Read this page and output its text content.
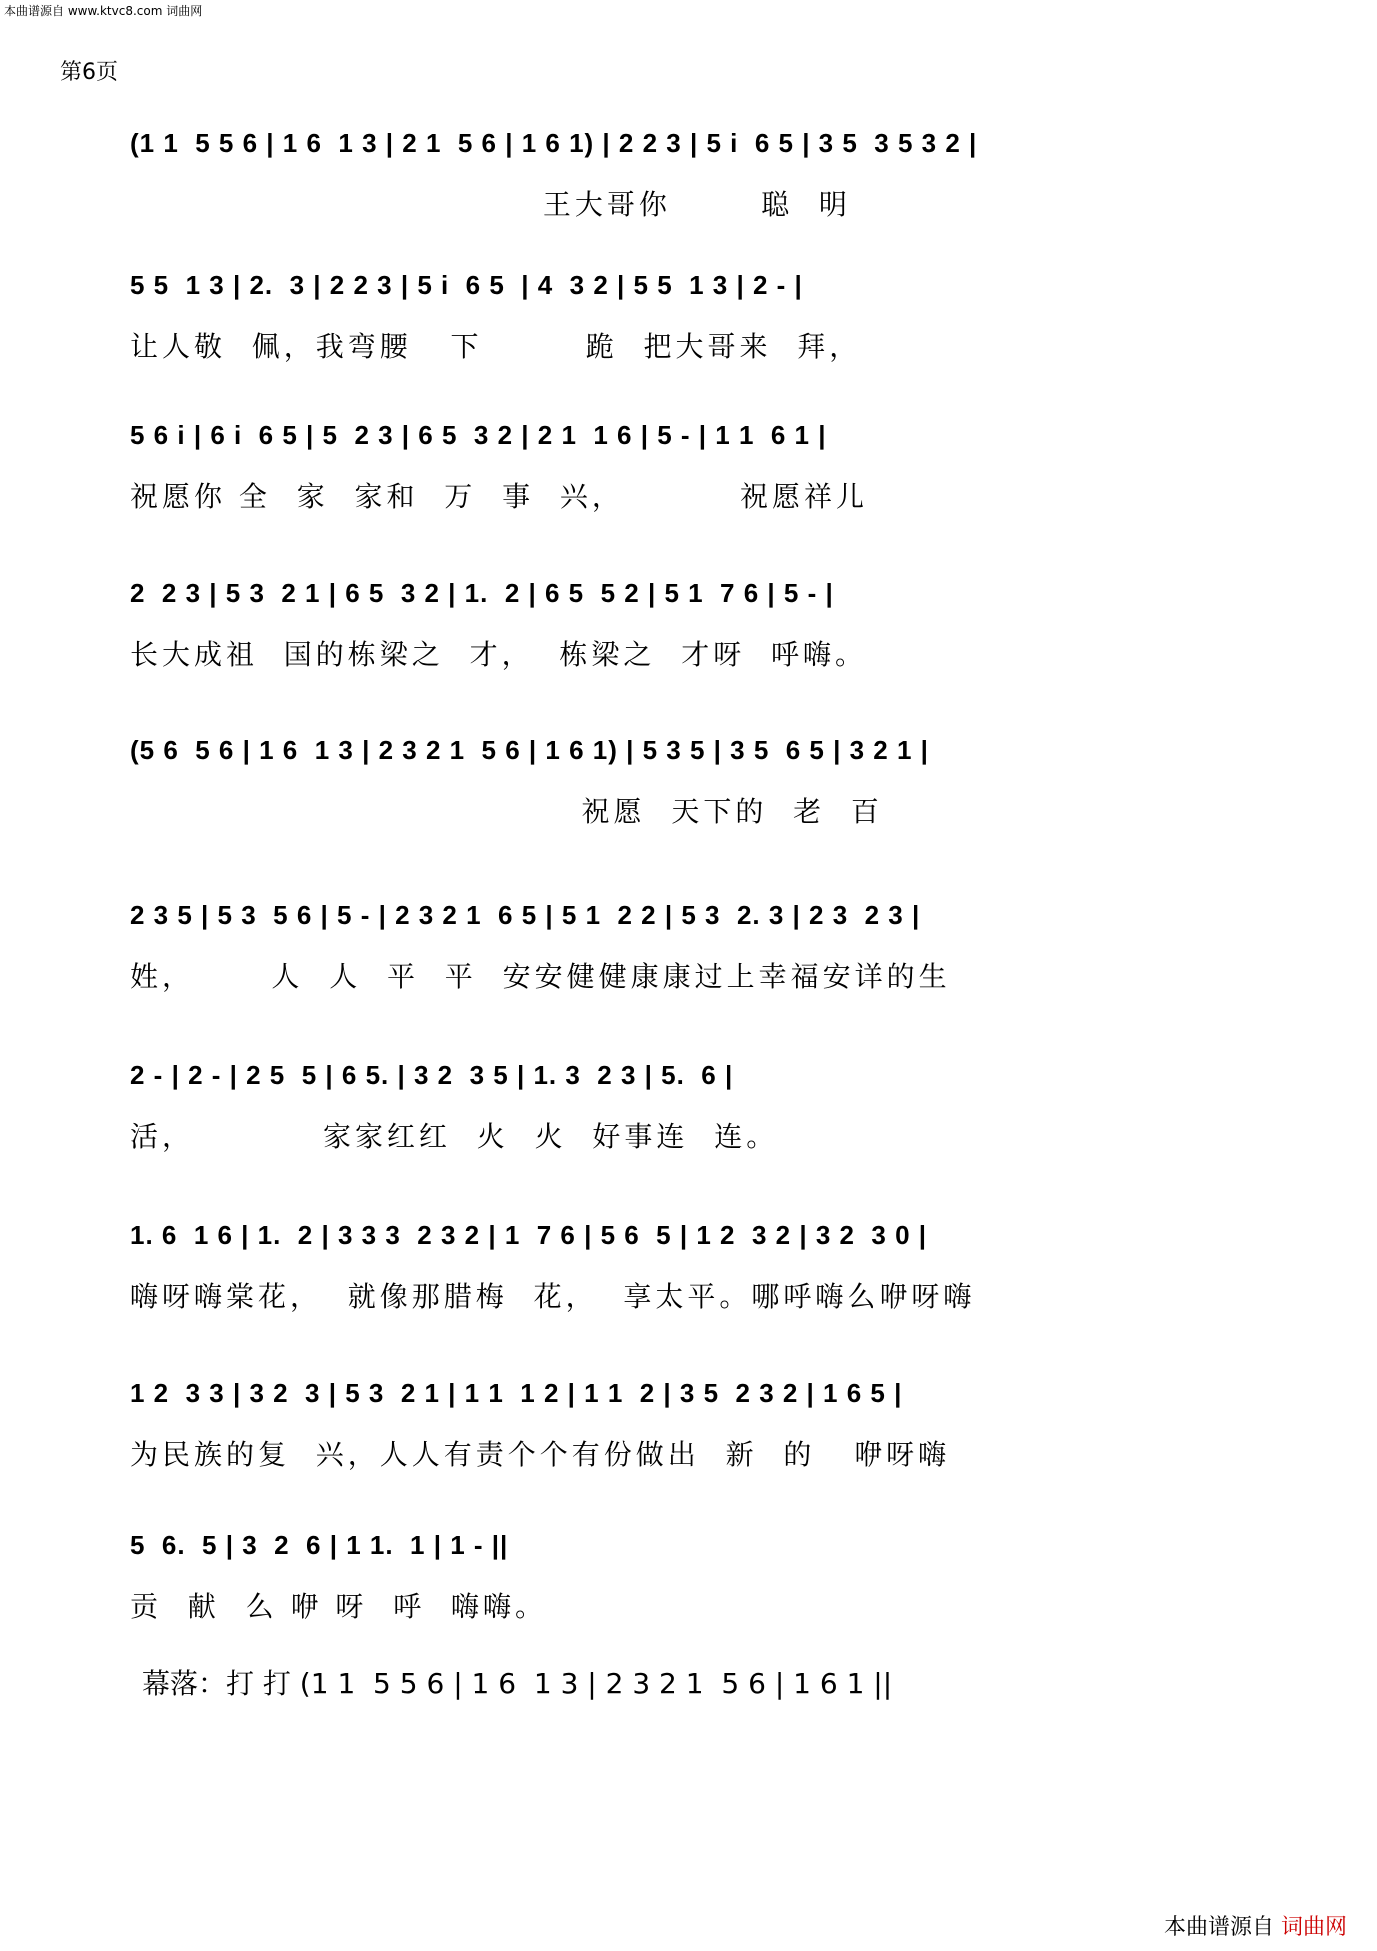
本曲谱源自 www.ktvc8.com 词曲网
第6页
(1 1  5 5 6 | 1 6  1 3 | 2 1  5 6 | 1 6 1) | 2 2 3 | 5 i  6 5 | 3 5  3 5 3 2 |
王大哥你       聪  明
5 5  1 3 | 2.  3 | 2 2 3 | 5 i  6 5  | 4  3 2 | 5 5  1 3 | 2 - |
让人敬  佩，我弯腰   下        跪  把大哥来  拜，
5 6 i | 6 i  6 5 | 5  2 3 | 6 5  3 2 | 2 1  1 6 | 5 - | 1 1  6 1 |
祝愿你 全  家  家和  万  事  兴，         祝愿祥儿
2  2 3 | 5 3  2 1 | 6 5  3 2 | 1.  2 | 6 5  5 2 | 5 1  7 6 | 5 - |
长大成祖  国的栋梁之  才，  栋梁之  才呀  呼嗨。
(5 6  5 6 | 1 6  1 3 | 2 3 2 1  5 6 | 1 6 1) | 5 3 5 | 3 5  6 5 | 3 2 1 |
祝愿  天下的  老  百
2 3 5 | 5 3  5 6 | 5 - | 2 3 2 1  6 5 | 5 1  2 2 | 5 3  2. 3 | 2 3  2 3 |
姓，      人  人  平  平  安安健健康康过上幸福安详的生
2 - | 2 - | 2 5  5 | 6 5. | 3 2  3 5 | 1. 3  2 3 | 5.  6 |
活，          家家红红  火  火  好事连  连。
1. 6  1 6 | 1.  2 | 3 3 3  2 3 2 | 1  7 6 | 5 6  5 | 1 2  3 2 | 3 2  3 0 |
嗨呀嗨棠花，  就像那腊梅  花，  享太平。哪呼嗨么咿呀嗨
1 2  3 3 | 3 2  3 | 5 3  2 1 | 1 1  1 2 | 1 1  2 | 3 5  2 3 2 | 1 6 5 |
为民族的复  兴，人人有责个个有份做出  新  的   咿呀嗨
5  6.  5 | 3  2  6 | 1 1.  1 | 1 - ||
贡  献  么 咿 呀  呼  嗨嗨。
幕落：打 打 (1 1  5 5 6 | 1 6  1 3 | 2 3 2 1  5 6 | 1 6 1 ||
本曲谱源自 词曲网
